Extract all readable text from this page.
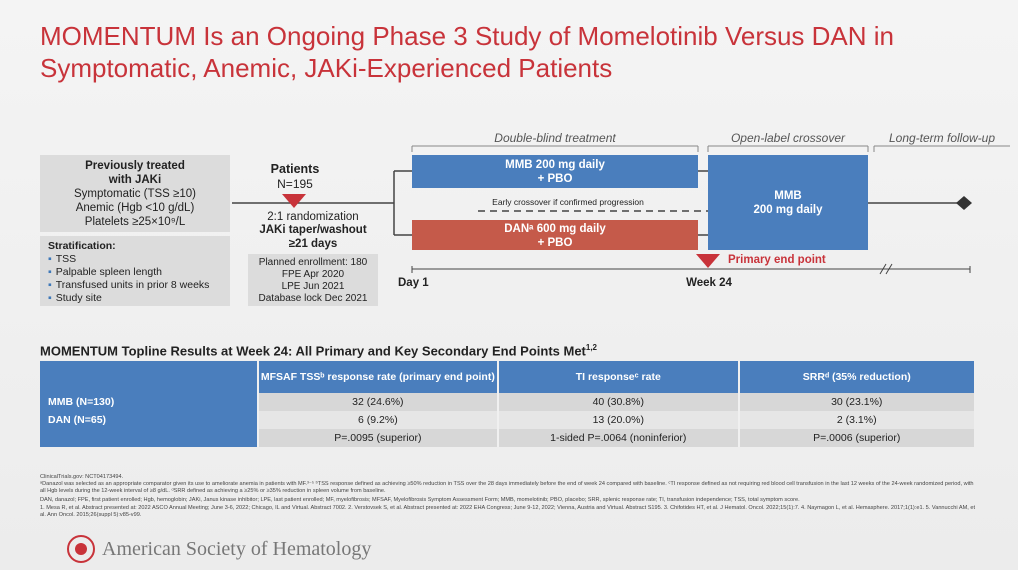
MOMENTUM Is an Ongoing Phase 3 Study of Momelotinib Versus DAN in Symptomatic, Anemic, JAKi-Experienced Patients
Double-blind treatment	Open-label crossover	Long-term follow-up
Previously treated
with JAKi
Symptomatic (TSS ≥10)
Anemic (Hgb <10 g/dL)
Platelets ≥25×10⁹/L
Stratification:
▪ TSS
▪ Palpable spleen length
▪ Transfused units in prior 8 weeks
▪ Study site
Patients
N=195
2:1 randomization
JAKi taper/washout
≥21 days
Planned enrollment: 180
FPE Apr 2020
LPE Jun 2021
Database lock Dec 2021
MMB 200 mg daily
+ PBO
Early crossover if confirmed progression
DANᵃ 600 mg daily
+ PBO
MMB
200 mg daily
Primary end point
Day 1	Week 24
MOMENTUM Topline Results at Week 24: All Primary and Key Secondary End Points Met$^{1,2}$
	MFSAF TSSᵇ response rate (primary end point)	TI responseᶜ rate	SRRᵈ (35% reduction)
MMB (N=130)	32 (24.6%)	40 (30.8%)	30 (23.1%)
DAN (N=65)	6 (9.2%)	13 (20.0%)	2 (3.1%)
	P=.0095 (superior)	1-sided P=.0064 (noninferior)	P=.0006 (superior)
ClinicalTrials.gov: NCT04173494.
ᵃDanazol was selected as an appropriate comparator given its use to ameliorate anemia in patients with MF.³⁻⁵ ᵇTSS response defined as achieving ≥50% reduction in TSS over the 28 days immediately before the end of week 24 compared with baseline. ᶜTI response defined as not requiring red blood cell transfusion in the last 12 weeks of the 24-week randomized period, with all Hgb levels during the 12-week interval of ≥8 g/dL. ᵈSRR defined as achieving a ≥25% or ≥35% reduction in spleen volume from baseline.
DAN, danazol; FPE, first patient enrolled; Hgb, hemoglobin; JAKi, Janus kinase inhibitor; LPE, last patient enrolled; MF, myelofibrosis; MFSAF, Myelofibrosis Symptom Assessment Form; MMB, momelotinib; PBO, placebo; SRR, splenic response rate; TI, transfusion independence; TSS, total symptom score.
1. Mesa R, et al. Abstract presented at: 2022 ASCO Annual Meeting; June 3-6, 2022; Chicago, IL and Virtual. Abstract 7002. 2. Verstovsek S, et al. Abstract presented at: 2022 EHA Congress; June 9-12, 2022; Vienna, Austria and Virtual. Abstract S195. 3. Chifotides HT, et al. J Hematol. Oncol. 2022;15(1):7. 4. Naymagon L, et al. Hemasphere. 2017;1(1):e1. 5. Vannucchi AM, et al. Ann Oncol. 2015;26(suppl 5):v85-v99.
American Society of Hematology
